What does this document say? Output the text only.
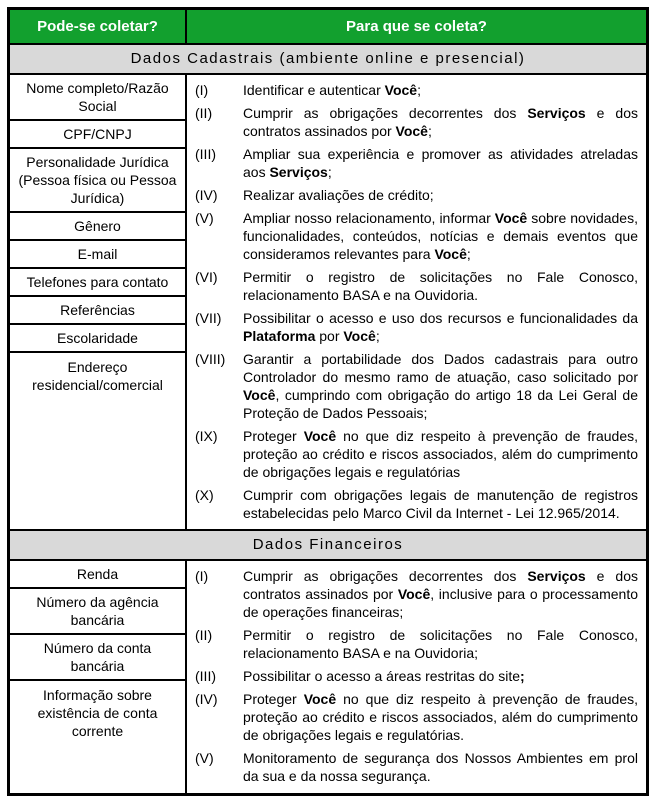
Pode-se coletar?	Para que se coleta?
Dados Cadastrais (ambiente online e presencial)
Nome completo/Razão Social
CPF/CNPJ
Personalidade Jurídica (Pessoa física ou Pessoa Jurídica)
Gênero
E-mail
Telefones para contato
Referências
Escolaridade
Endereço residencial/comercial
(I)	Identificar e autenticar Você;
(II)	Cumprir as obrigações decorrentes dos Serviços e dos contratos assinados por Você;
(III)	Ampliar sua experiência e promover as atividades atreladas aos Serviços;
(IV)	Realizar avaliações de crédito;
(V)	Ampliar nosso relacionamento, informar Você sobre novidades, funcionalidades, conteúdos, notícias e demais eventos que consideramos relevantes para Você;
(VI)	Permitir o registro de solicitações no Fale Conosco, relacionamento BASA e na Ouvidoria.
(VII)	Possibilitar o acesso e uso dos recursos e funcionalidades da Plataforma por Você;
(VIII)	Garantir a portabilidade dos Dados cadastrais para outro Controlador do mesmo ramo de atuação, caso solicitado por Você, cumprindo com obrigação do artigo 18 da Lei Geral de Proteção de Dados Pessoais;
(IX)	Proteger Você no que diz respeito à prevenção de fraudes, proteção ao crédito e riscos associados, além do cumprimento de obrigações legais e regulatórias
(X)	Cumprir com obrigações legais de manutenção de registros estabelecidas pelo Marco Civil da Internet - Lei 12.965/2014.
Dados Financeiros
Renda
Número da agência bancária
Número da conta bancária
Informação sobre existência de conta corrente
(I)	Cumprir as obrigações decorrentes dos Serviços e dos contratos assinados por Você, inclusive para o processamento de operações financeiras;
(II)	Permitir o registro de solicitações no Fale Conosco, relacionamento BASA e na Ouvidoria;
(III)	Possibilitar o acesso a áreas restritas do site;
(IV)	Proteger Você no que diz respeito à prevenção de fraudes, proteção ao crédito e riscos associados, além do cumprimento de obrigações legais e regulatórias.
(V)	Monitoramento de segurança dos Nossos Ambientes em prol da sua e da nossa segurança.
